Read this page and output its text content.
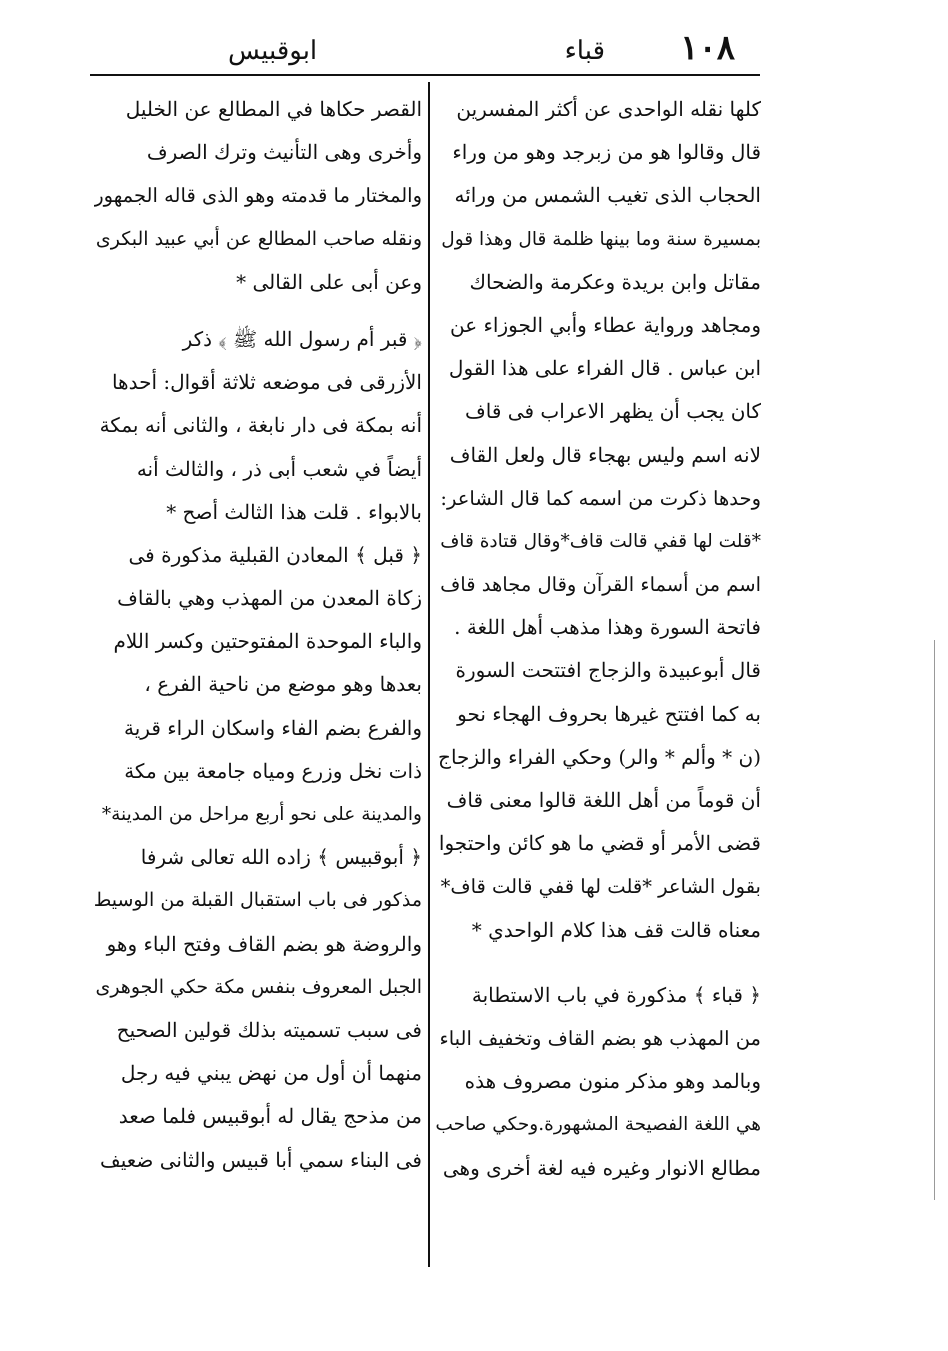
١٠٨
قباء
ابوقبيس
كلها نقله الواحدى عن أكثر المفسرين
قال وقالوا هو من زبرجد وهو من وراء
الحجاب الذى تغيب الشمس من ورائه
بمسيرة سنة وما بينها ظلمة قال وهذا قول
مقاتل وابن بريدة وعكرمة والضحاك
ومجاهد ورواية عطاء وأبي الجوزاء عن
ابن عباس . قال الفراء على هذا القول
كان يجب أن يظهر الاعراب فى قاف
لانه اسم وليس بهجاء قال ولعل القاف
وحدها ذكرت من اسمه كما قال الشاعر:
*قلت لها قفي قالت قاف*وقال قتادة قاف
اسم من أسماء القرآن وقال مجاهد قاف
فاتحة السورة وهذا مذهب أهل اللغة .
قال أبوعبيدة والزجاج افتتحت السورة
به كما افتتح غيرها بحروف الهجاء نحو
(ن * وألم * والر) وحكي الفراء والزجاج
أن قوماً من أهل اللغة قالوا معنى قاف
قضى الأمر أو قضي ما هو كائن واحتجوا
بقول الشاعر *قلت لها قفي قالت قاف*
معناه قالت قف هذا كلام الواحدي *
﴿ قباء ﴾ مذكورة في باب الاستطابة
من المهذب هو بضم القاف وتخفيف الباء
وبالمد وهو مذكر منون مصروف هذه
هي اللغة الفصيحة المشهورة.وحكي صاحب
مطالع الانوار وغيره فيه لغة أخرى وهى
القصر حكاها في المطالع عن الخليل
وأخرى وهى التأنيث وترك الصرف
والمختار ما قدمته وهو الذى قاله الجمهور
ونقله صاحب المطالع عن أبي عبيد البكرى
وعن أبى على القالى *
﴿ قبر أم رسول الله ﷺ ﴾ ذكر
الأزرقى فى موضعه ثلاثة أقوال: أحدها
أنه بمكة فى دار نابغة ، والثانى أنه بمكة
أيضاً في شعب أبى ذر ، والثالث أنه
بالابواء . قلت هذا الثالث أصح *
﴿ قبل ﴾ المعادن القبلية مذكورة فى
زكاة المعدن من المهذب وهي بالقاف
والباء الموحدة المفتوحتين وكسر اللام
بعدها وهو موضع من ناحية الفرع ،
والفرع بضم الفاء واسكان الراء قرية
ذات نخل وزرع ومياه جامعة بين مكة
والمدينة على نحو أربع مراحل من المدينة*
﴿ أبوقبيس ﴾ زاده الله تعالى شرفا
مذكور فى باب استقبال القبلة من الوسيط
والروضة هو بضم القاف وفتح الباء وهو
الجبل المعروف بنفس مكة حكي الجوهرى
فى سبب تسميته بذلك قولين الصحيح
منهما أن أول من نهض يبني فيه رجل
من مذحج يقال له أبوقبيس فلما صعد
فى البناء سمي أبا قبيس والثانى ضعيف
